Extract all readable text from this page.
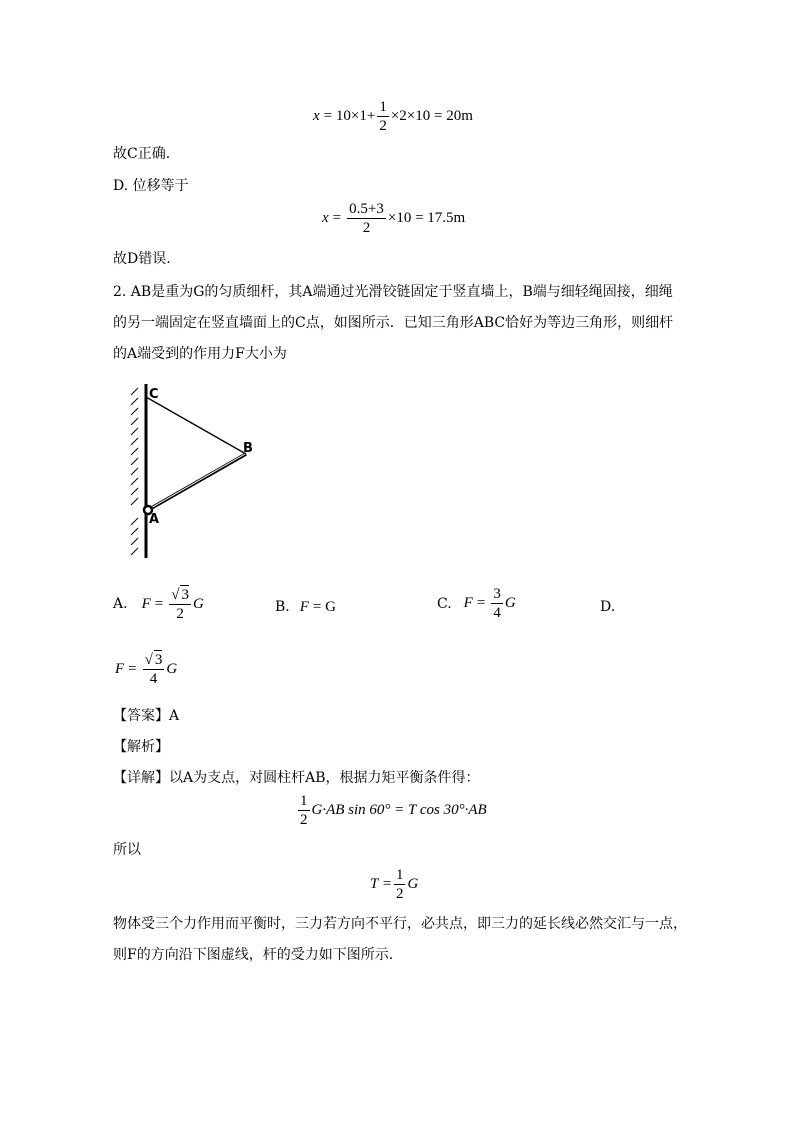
$x = 10\times 1+ \frac{1}{2} \times 2\times 10 = 20m$
故C正确.
D. 位移等于
$x = \frac{0.5+3}{2} \times 10 = 17.5m$
故D错误.
2. AB是重为G的匀质细杆，其A端通过光滑铰链固定于竖直墙上，B端与细轻绳固接，细绳
的另一端固定在竖直墙面上的C点，如图所示．已知三角形ABC恰好为等边三角形，则细杆
的A端受到的作用力F大小为
C
B
A
A. $F = \frac{√ 3}{2}$ G	B. F = G	C. $F = \frac{3}{4}$ G	D.
$F = \frac{√ 3}{4}$ G
【答案】A
【解析】
【详解】以A为支点，对圆柱杆AB，根据力矩平衡条件得：
$\frac{1}{2} G\cdot AB$ sin 60° = T cos 30°·AB
所以
$T = \frac{1}{2}$ G
物体受三个力作用而平衡时，三力若方向不平行，必共点，即三力的延长线必然交汇与一点，
则F的方向沿下图虚线，杆的受力如下图所示.
